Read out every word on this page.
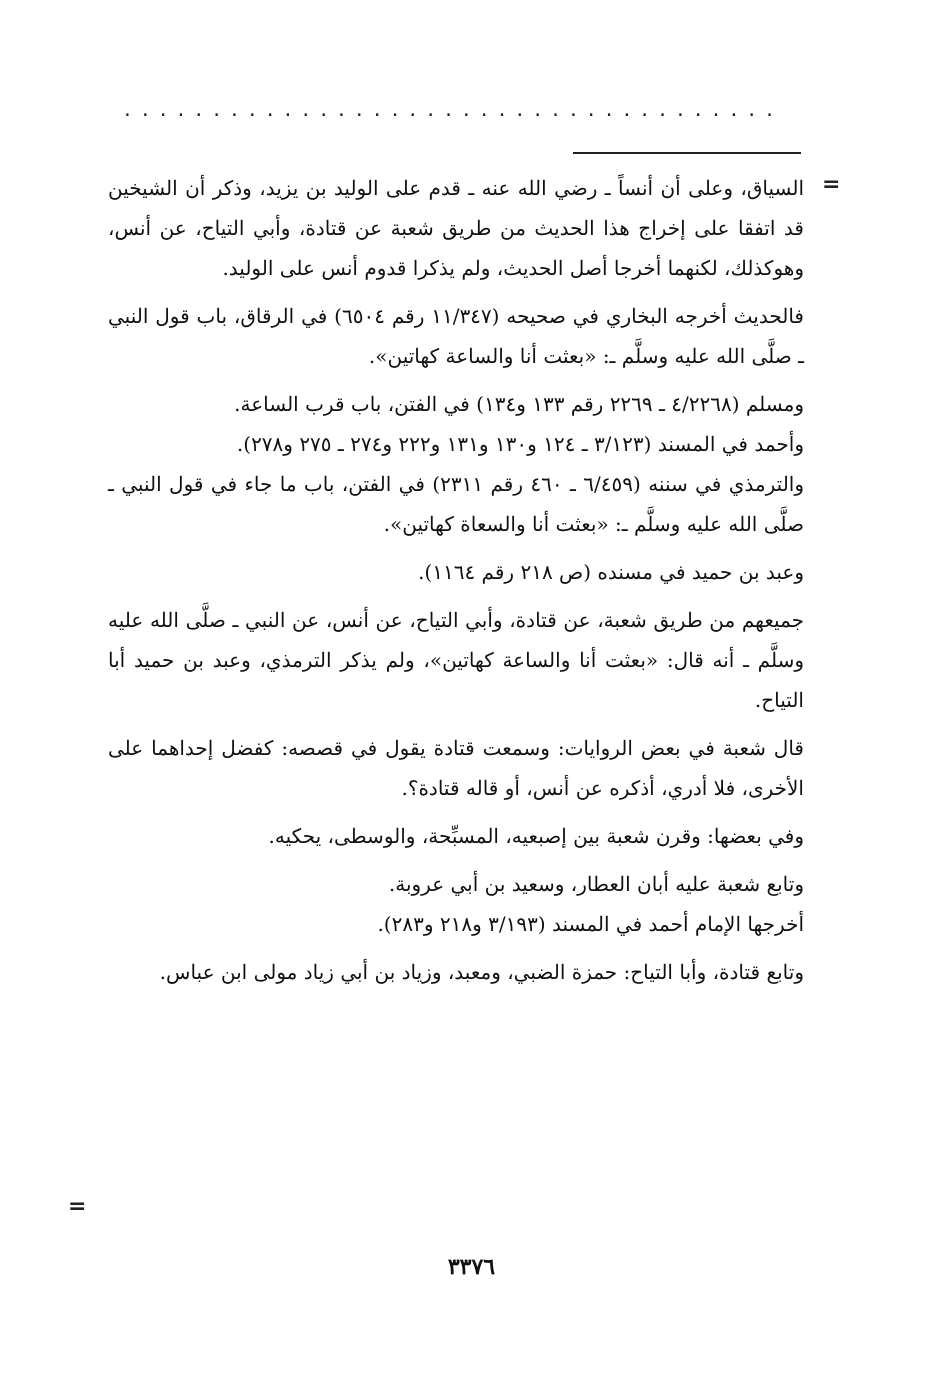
.....................................
=

السياق، وعلى أن أنساً ـ رضي الله عنه ـ قدم على الوليد بن يزيد، وذكر أن الشيخين قد اتفقا على إخراج هذا الحديث من طريق شعبة عن قتادة، وأبي التياح، عن أنس، وهوكذلك، لكنهما أخرجا أصل الحديث، ولم يذكرا قدوم أنس على الوليد.

فالحديث أخرجه البخاري في صحيحه (١١/٣٤٧ رقم ٦٥٠٤) في الرقاق، باب قول النبي ـ صلَّى الله عليه وسلَّم ـ: «بعثت أنا والساعة كهاتين».

ومسلم (٤/٢٢٦٨ ـ ٢٢٦٩ رقم ١٣٣ و١٣٤) في الفتن، باب قرب الساعة.

وأحمد في المسند (٣/١٢٣ ـ ١٢٤ و١٣٠ و١٣١ و٢٢٢ و٢٧٤ ـ ٢٧٥ و٢٧٨).

والترمذي في سننه (٦/٤٥٩ ـ ٤٦٠ رقم ٢٣١١) في الفتن، باب ما جاء في قول النبي ـ صلَّى الله عليه وسلَّم ـ: «بعثت أنا والسعاة كهاتين».

وعبد بن حميد في مسنده (ص ٢١٨ رقم ١١٦٤).

جميعهم من طريق شعبة، عن قتادة، وأبي التياح، عن أنس، عن النبي ـ صلَّى الله عليه وسلَّم ـ أنه قال: «بعثت أنا والساعة كهاتين»، ولم يذكر الترمذي، وعبد بن حميد أبا التياح.

قال شعبة في بعض الروايات: وسمعت قتادة يقول في قصصه: كفضل إحداهما على الأخرى، فلا أدري، أذكره عن أنس، أو قاله قتادة؟.

وفي بعضها: وقرن شعبة بين إصبعيه، المسبِّحة، والوسطى، يحكيه.

وتابع شعبة عليه أبان العطار، وسعيد بن أبي عروبة.

أخرجها الإمام أحمد في المسند (٣/١٩٣ و٢١٨ و٢٨٣).

وتابع قتادة، وأبا التياح: حمزة الضبي، ومعبد، وزياد بن أبي زياد مولى ابن عباس.

=
٣٣٧٦
